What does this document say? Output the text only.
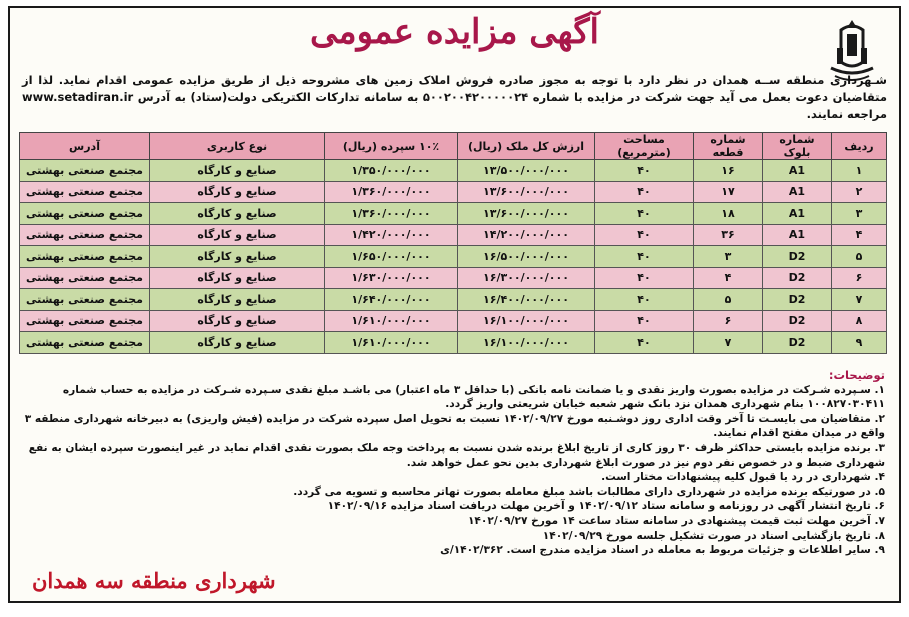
آگهی مزایده عمومی
شـهرداری منطقه ســه همدان در نظر دارد با توجه به مجوز صادره فروش املاک زمین های مشروحه ذیل از طریق مزایده عمومی اقدام نماید. لذا از متقاضیان دعوت بعمل می آید جهت شرکت در مزایده با شماره ۵۰۰۲۰۰۴۲۰۰۰۰۰۲۴ به سامانه تدارکات الکتریکی دولت(ستاد) به آدرس www.setadiran.ir مراجعه نمایند.
ردیف	شماره بلوک	شماره قطعه	مساحت (مترمربع)	ارزش کل ملک (ریال)	۱۰٪ سپرده (ریال)	نوع کاربری	آدرس
۱	A1	۱۶	۴۰	۱۳/۵۰۰/۰۰۰/۰۰۰	۱/۳۵۰/۰۰۰/۰۰۰	صنایع و کارگاه	مجتمع صنعتی بهشتی
۲	A1	۱۷	۴۰	۱۳/۶۰۰/۰۰۰/۰۰۰	۱/۳۶۰/۰۰۰/۰۰۰	صنایع و کارگاه	مجتمع صنعتی بهشتی
۳	A1	۱۸	۴۰	۱۳/۶۰۰/۰۰۰/۰۰۰	۱/۳۶۰/۰۰۰/۰۰۰	صنایع و کارگاه	مجتمع صنعتی بهشتی
۴	A1	۳۶	۴۰	۱۴/۲۰۰/۰۰۰/۰۰۰	۱/۴۲۰/۰۰۰/۰۰۰	صنایع و کارگاه	مجتمع صنعتی بهشتی
۵	D2	۳	۴۰	۱۶/۵۰۰/۰۰۰/۰۰۰	۱/۶۵۰/۰۰۰/۰۰۰	صنایع و کارگاه	مجتمع صنعتی بهشتی
۶	D2	۴	۴۰	۱۶/۳۰۰/۰۰۰/۰۰۰	۱/۶۳۰/۰۰۰/۰۰۰	صنایع و کارگاه	مجتمع صنعتی بهشتی
۷	D2	۵	۴۰	۱۶/۴۰۰/۰۰۰/۰۰۰	۱/۶۴۰/۰۰۰/۰۰۰	صنایع و کارگاه	مجتمع صنعتی بهشتی
۸	D2	۶	۴۰	۱۶/۱۰۰/۰۰۰/۰۰۰	۱/۶۱۰/۰۰۰/۰۰۰	صنایع و کارگاه	مجتمع صنعتی بهشتی
۹	D2	۷	۴۰	۱۶/۱۰۰/۰۰۰/۰۰۰	۱/۶۱۰/۰۰۰/۰۰۰	صنایع و کارگاه	مجتمع صنعتی بهشتی

توضیحات:

۱. سـپرده شـرکت در مزایده بصورت واریز نقدی و یا ضمانت نامه بانکی (با حداقل ۳ ماه اعتبار) می باشـد مبلغ نقدی سـپرده شـرکت در مزایده به حساب شماره ۱۰۰۸۲۷۰۳۰۴۱۱ بنام شهرداری همدان نزد بانک شهر شعبه خیابان شریعتی واریز گردد.

۲. متقاضیان می بایسـت تا آخر وقت اداری روز دوشـنبه مورخ ۱۴۰۲/۰۹/۲۷ نسبت به تحویل اصل سپرده شرکت در مزایده (فیش واریزی) به دبیرخانه شهرداری منطقه ۳ واقع در میدان مفتح اقدام نمایند.

۳. برنده مزایده بایستی حداکثر ظرف ۳۰ روز کاری از تاریخ ابلاغ برنده شدن نسبت به پرداخت وجه ملک بصورت نقدی اقدام نماید در غیر اینصورت سپرده ایشان به نفع شهرداری ضبط و در خصوص نفر دوم نیز در صورت ابلاغ شهرداری بدین نحو عمل خواهد شد.

۴. شهرداری در رد یا قبول کلیه پیشنهادات مختار است.

۵. در صورتیکه برنده مزایده در شهرداری دارای مطالبات باشد مبلغ معامله بصورت تهاتر محاسبه و تسویه می گردد.

۶. تاریخ انتشار آگهی در روزنامه و سامانه ستاد ۱۴۰۲/۰۹/۱۲ و آخرین مهلت دریافت اسناد مزایده ۱۴۰۲/۰۹/۱۶

۷. آخرین مهلت ثبت قیمت پیشنهادی در سامانه ستاد ساعت ۱۴ مورخ ۱۴۰۲/۰۹/۲۷

۸. تاریخ بازگشایی اسناد در صورت تشکیل جلسه مورخ ۱۴۰۲/۰۹/۲۹

۹. سایر اطلاعات و جزئیات مربوط به معامله در اسناد مزایده مندرج است. ۱۴۰۲/۳۶۲/ی

شهرداری منطقه سه همدان
